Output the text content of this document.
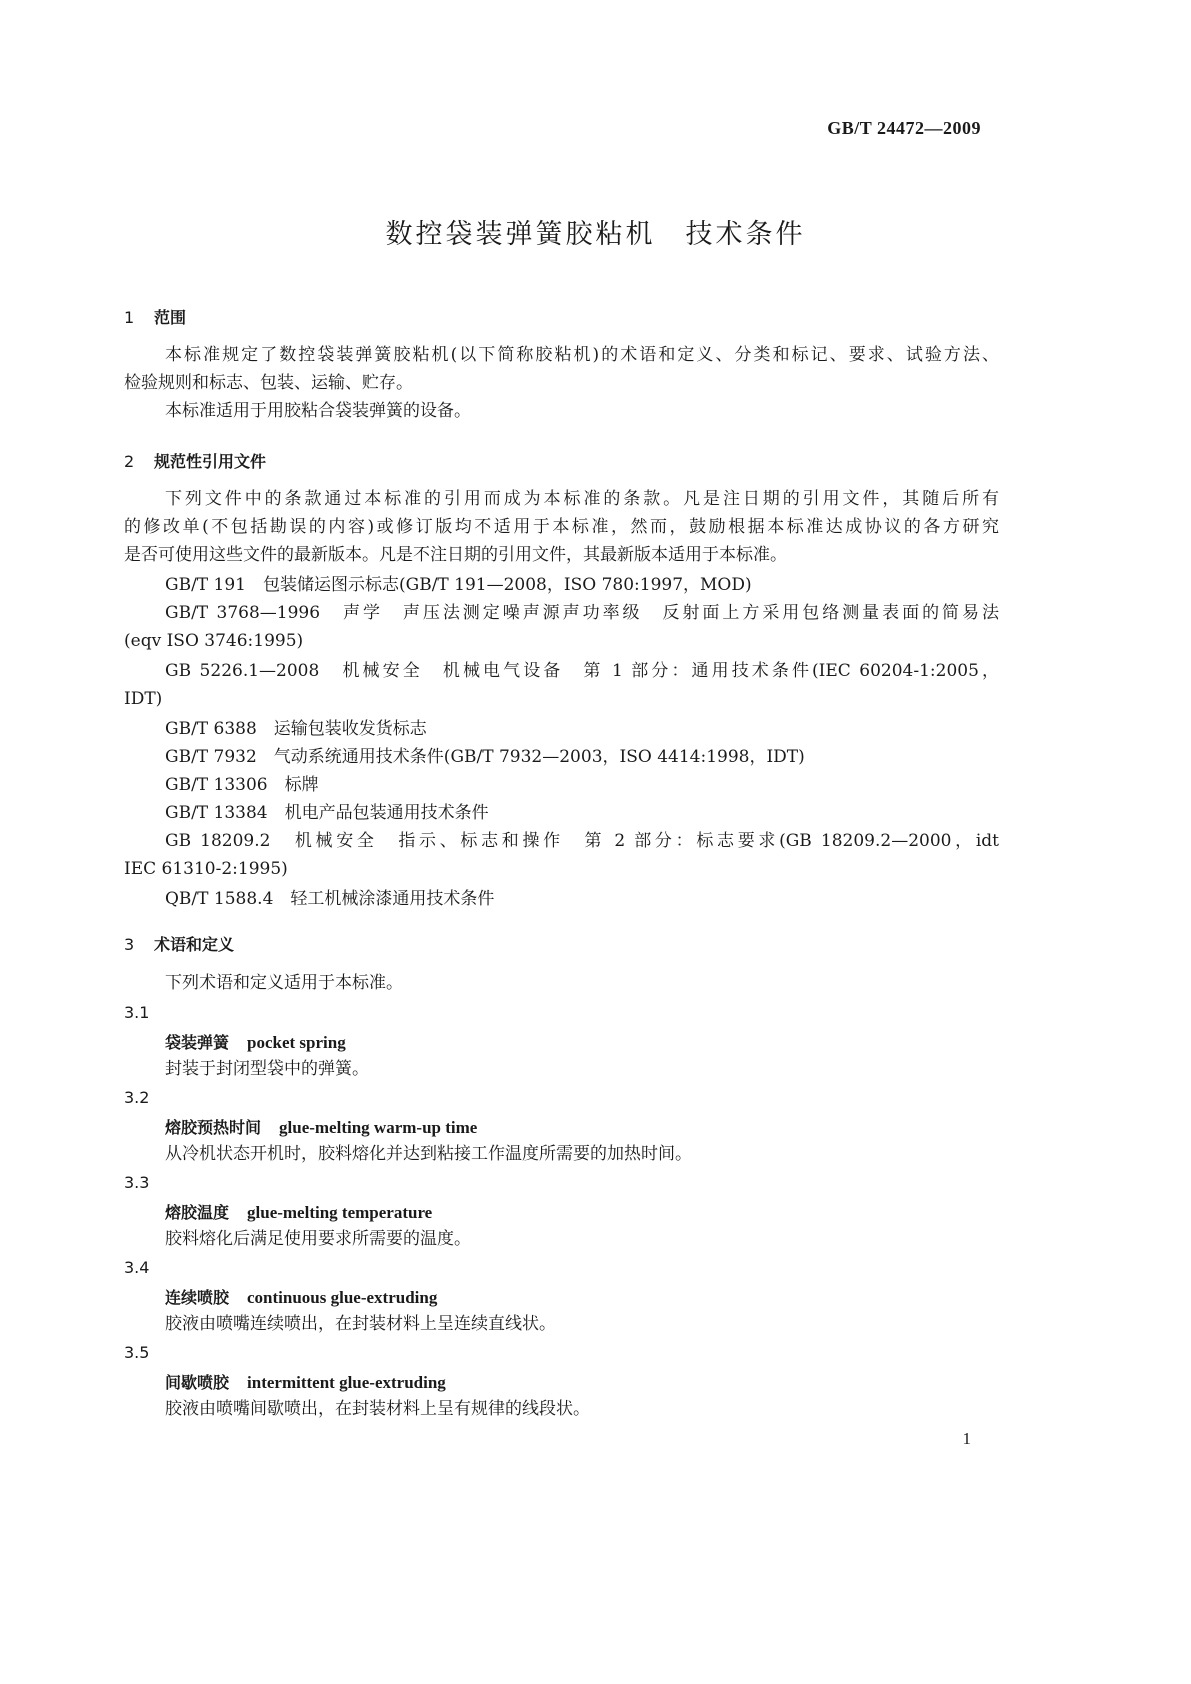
GB/T 24472—2009
数控袋装弹簧胶粘机　技术条件
1 范围
本标准规定了数控袋装弹簧胶粘机(以下简称胶粘机)的术语和定义、分类和标记、要求、试验方法、
检验规则和标志、包装、运输、贮存。
本标准适用于用胶粘合袋装弹簧的设备。
2 规范性引用文件
下列文件中的条款通过本标准的引用而成为本标准的条款。凡是注日期的引用文件，其随后所有
的修改单(不包括勘误的内容)或修订版均不适用于本标准，然而，鼓励根据本标准达成协议的各方研究
是否可使用这些文件的最新版本。凡是不注日期的引用文件，其最新版本适用于本标准。
GB/T 191　包装储运图示标志(GB/T 191—2008，ISO 780:1997，MOD)
GB/T 3768—1996　声学　声压法测定噪声源声功率级　反射面上方采用包络测量表面的简易法
(eqv ISO 3746:1995)
GB 5226.1—2008　机械安全　机械电气设备　第 1 部分：通用技术条件(IEC 60204-1:2005，
IDT)
GB/T 6388　运输包装收发货标志
GB/T 7932　气动系统通用技术条件(GB/T 7932—2003，ISO 4414:1998，IDT)
GB/T 13306　标牌
GB/T 13384　机电产品包装通用技术条件
GB 18209.2　机械安全　指示、标志和操作　第 2 部分：标志要求(GB 18209.2—2000，idt
IEC 61310-2:1995)
QB/T 1588.4　轻工机械涂漆通用技术条件
3 术语和定义
下列术语和定义适用于本标准。
3.1
袋装弹簧 pocket spring
封装于封闭型袋中的弹簧。
3.2
熔胶预热时间 glue-melting warm-up time
从冷机状态开机时，胶料熔化并达到粘接工作温度所需要的加热时间。
3.3
熔胶温度 glue-melting temperature
胶料熔化后满足使用要求所需要的温度。
3.4
连续喷胶 continuous glue-extruding
胶液由喷嘴连续喷出，在封装材料上呈连续直线状。
3.5
间歇喷胶 intermittent glue-extruding
胶液由喷嘴间歇喷出，在封装材料上呈有规律的线段状。
1
